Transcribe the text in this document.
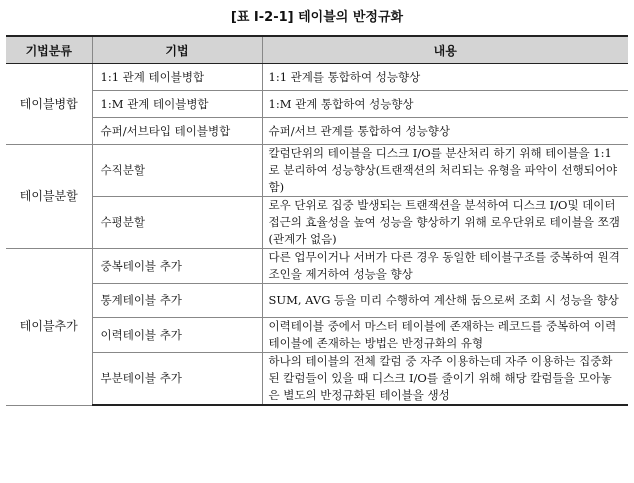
[표 Ⅰ-2-1] 테이블의 반정규화
기법분류	기법	내용
테이블병합	1:1 관계 테이블병합	1:1 관계를 통합하여 성능향상
	1:M 관계 테이블병합	1:M 관계 통합하여 성능향상
	슈퍼/서브타입 테이블병합	슈퍼/서브 관계를 통합하여 성능향상
테이블분할	수직분할	칼럼단위의 테이블을 디스크 I/O를 분산처리 하기 위해 테이블을 1:1로 분리하여 성능향상(트랜잭션의 처리되는 유형을 파악이 선행되어야 함)
	수평분할	로우 단위로 집중 발생되는 트랜잭션을 분석하여 디스크 I/O및 데이터접근의 효율성을 높여 성능을 향상하기 위해 로우단위로 테이블을 쪼갬(관계가 없음)
테이블추가	중복테이블 추가	다른 업무이거나 서버가 다른 경우 동일한 테이블구조를 중복하여 원격조인을 제거하여 성능을 향상
	통계테이블 추가	SUM, AVG 등을 미리 수행하여 계산해 둠으로써 조회 시 성능을 향상
	이력테이블 추가	이력테이블 중에서 마스터 테이블에 존재하는 레코드를 중복하여 이력테이블에 존재하는 방법은 반정규화의 유형
	부분테이블 추가	하나의 테이블의 전체 칼럼 중 자주 이용하는데 자주 이용하는 집중화된 칼럼들이 있을 때 디스크 I/O를 줄이기 위해 해당 칼럼들을 모아놓은 별도의 반정규화된 테이블을 생성
